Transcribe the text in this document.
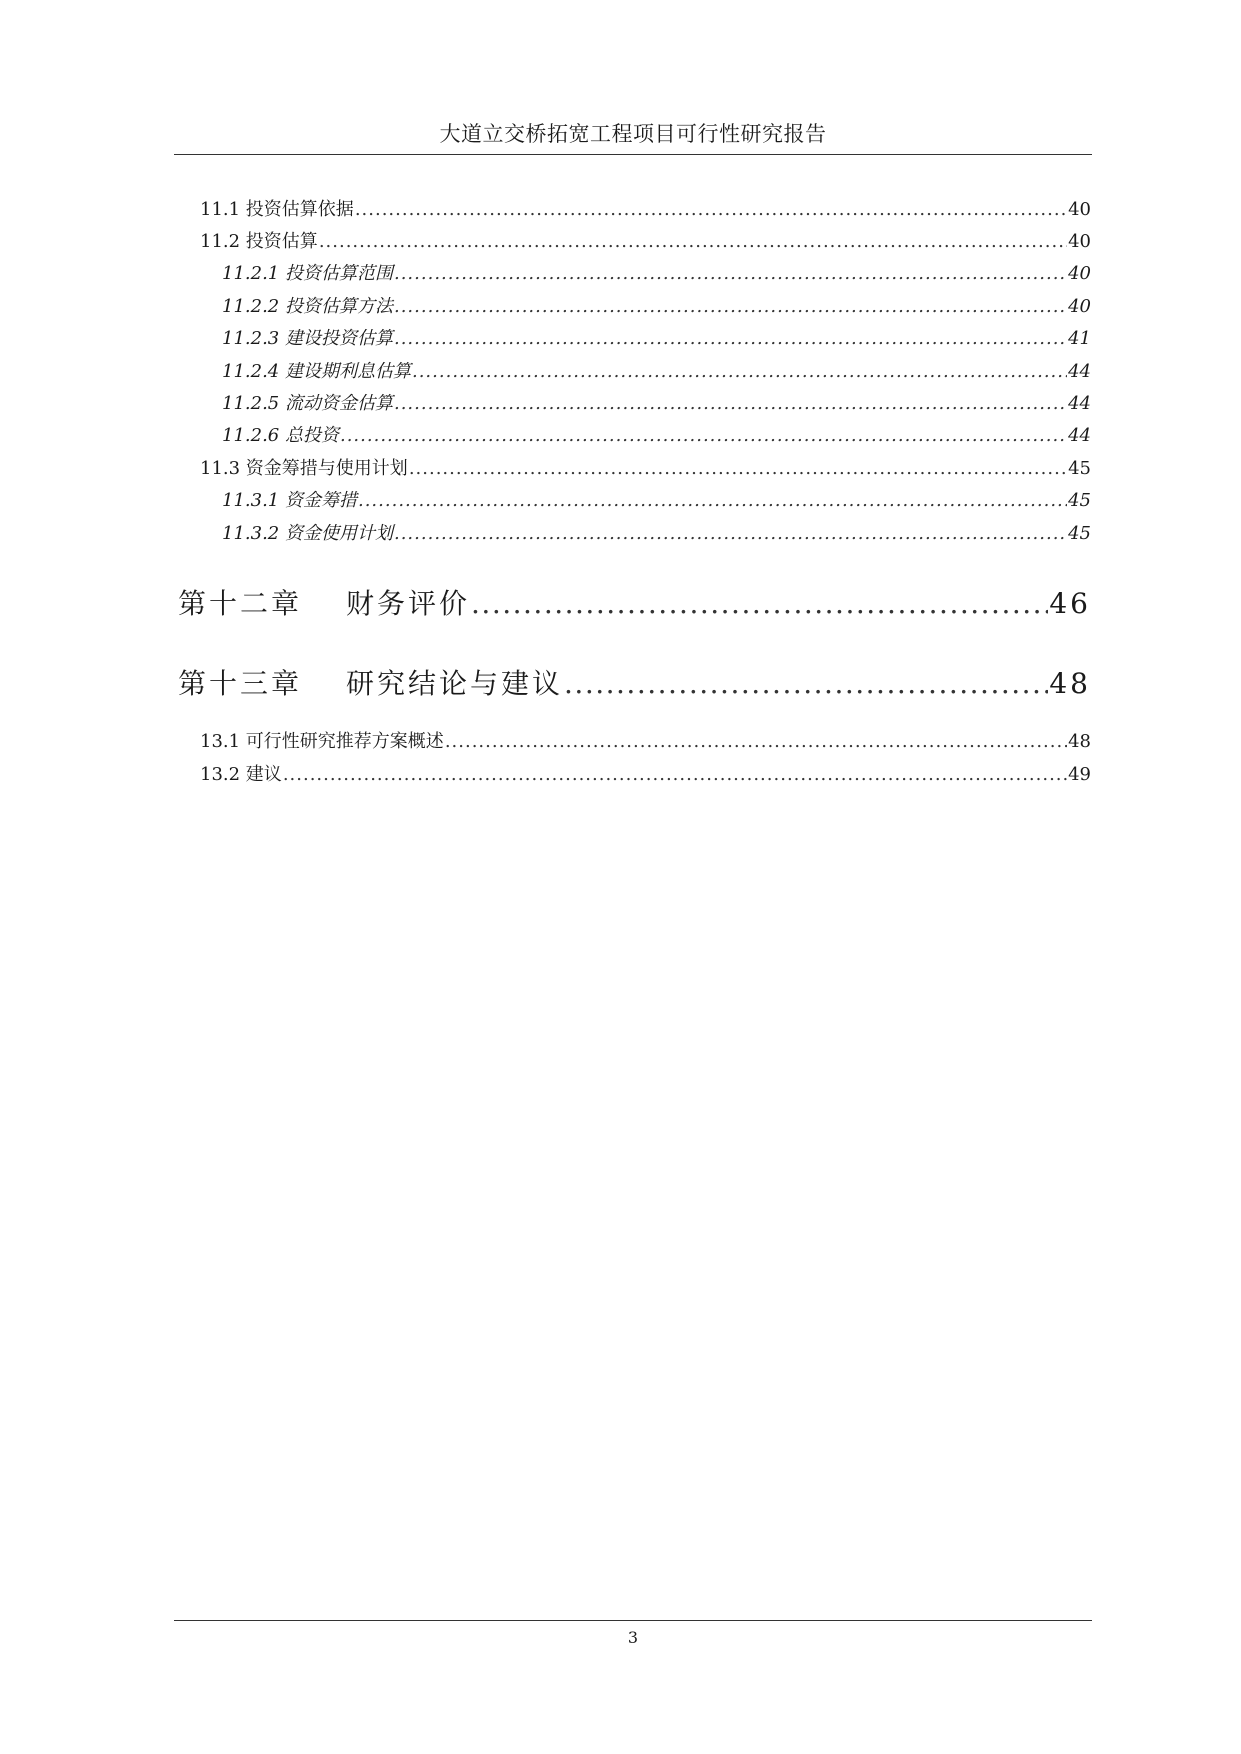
大道立交桥拓宽工程项目可行性研究报告
11.1 投资估算依据 .....	40
11.2 投资估算 .....	40
11.2.1 投资估算范围 .....	40
11.2.2 投资估算方法 .....	40
11.2.3 建设投资估算 .....	41
11.2.4 建设期利息估算 .....	44
11.2.5 流动资金估算 .....	44
11.2.6 总投资 .....	44
11.3 资金筹措与使用计划 .....	45
11.3.1 资金筹措 .....	45
11.3.2 资金使用计划 .....	45
第十二章 财务评价 .....	46
第十三章 研究结论与建议 .....	48
13.1 可行性研究推荐方案概述 .....	48
13.2 建议 .....	49
3
